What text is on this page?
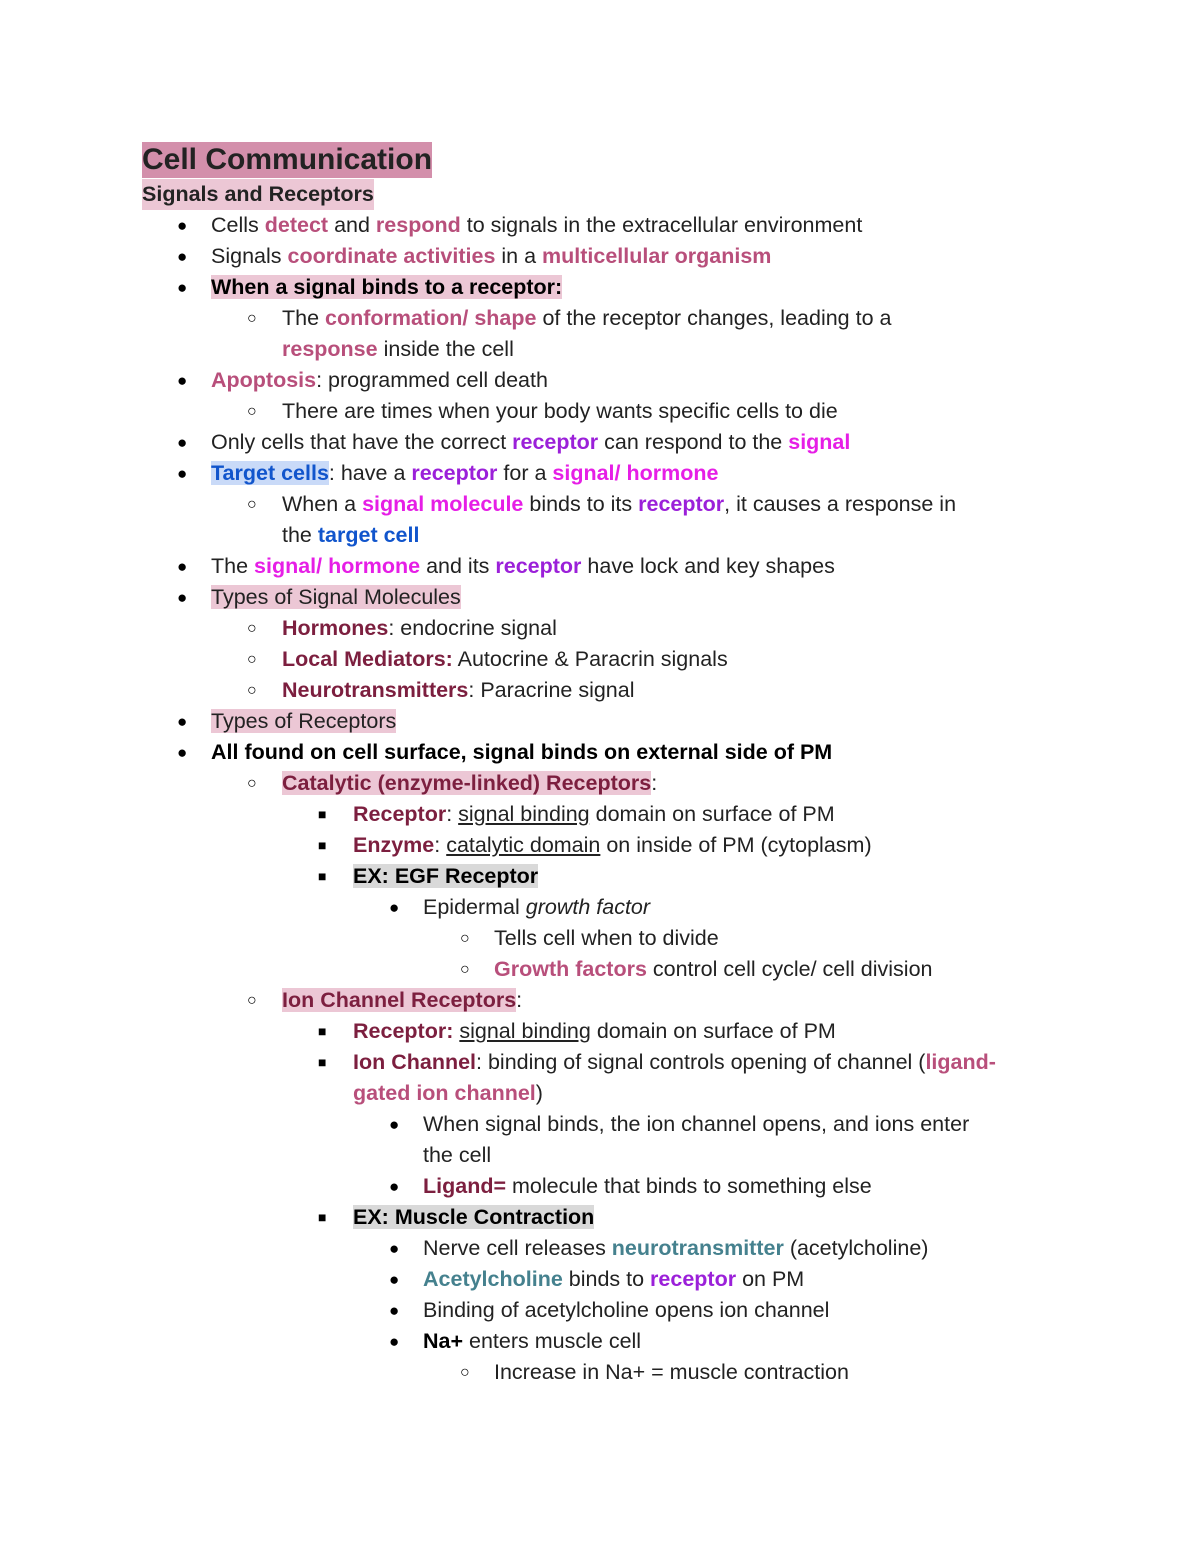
Cell Communication
Signals and Receptors
● Cells detect and respond to signals in the extracellular environment
● Signals coordinate activities in a multicellular organism
● When a signal binds to a receptor:
○ The conformation/ shape of the receptor changes, leading to a
response inside the cell
● Apoptosis: programmed cell death
○ There are times when your body wants specific cells to die
● Only cells that have the correct receptor can respond to the signal
● Target cells: have a receptor for a signal/ hormone
○ When a signal molecule binds to its receptor, it causes a response in
the target cell
● The signal/ hormone and its receptor have lock and key shapes
● Types of Signal Molecules
○ Hormones: endocrine signal
○ Local Mediators: Autocrine & Paracrin signals
○ Neurotransmitters: Paracrine signal
● Types of Receptors
● All found on cell surface, signal binds on external side of PM
○ Catalytic (enzyme-linked) Receptors:
■ Receptor: signal binding domain on surface of PM
■ Enzyme: catalytic domain on inside of PM (cytoplasm)
■ EX: EGF Receptor
● Epidermal growth factor
○ Tells cell when to divide
○ Growth factors control cell cycle/ cell division
○ Ion Channel Receptors:
■ Receptor: signal binding domain on surface of PM
■ Ion Channel: binding of signal controls opening of channel (ligand-
gated ion channel)
● When signal binds, the ion channel opens, and ions enter
the cell
● Ligand= molecule that binds to something else
■ EX: Muscle Contraction
● Nerve cell releases neurotransmitter (acetylcholine)
● Acetylcholine binds to receptor on PM
● Binding of acetylcholine opens ion channel
● Na+ enters muscle cell
○ Increase in Na+ = muscle contraction
